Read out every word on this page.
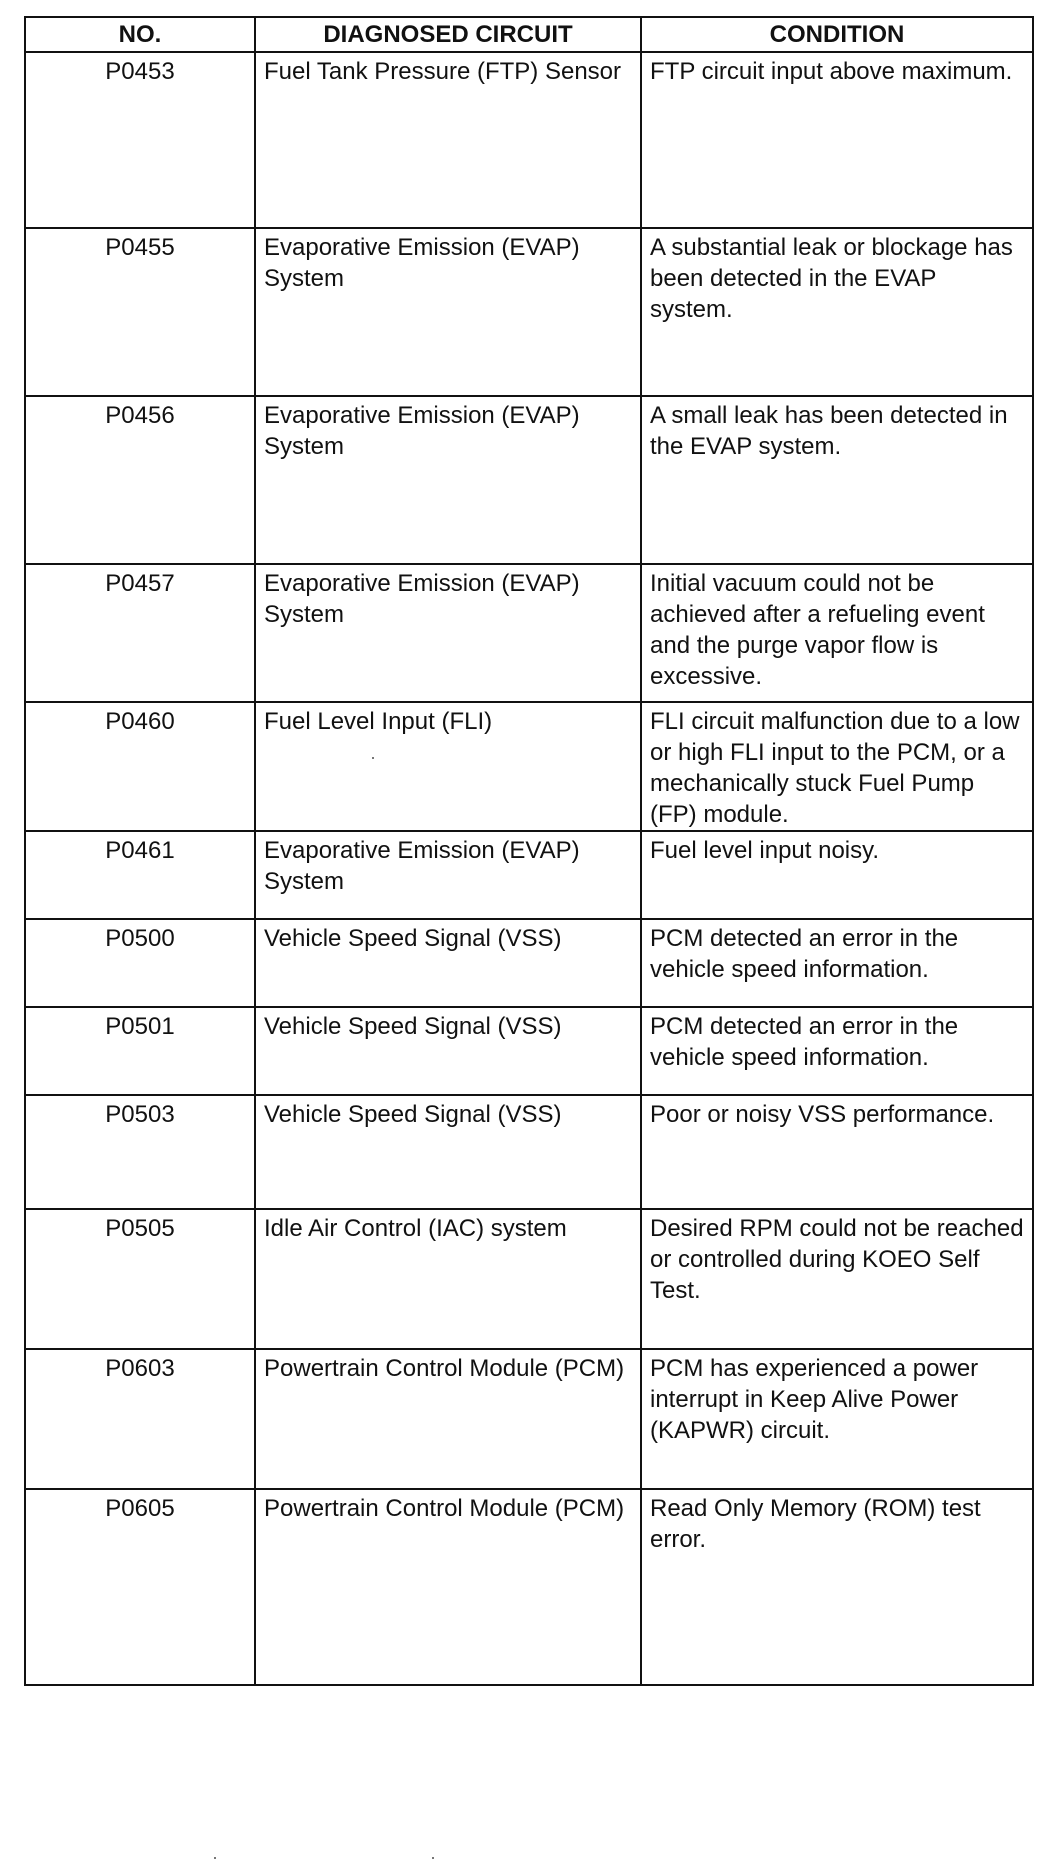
NO.	DIAGNOSED CIRCUIT	CONDITION
P0453	Fuel Tank Pressure (FTP) Sensor	FTP circuit input above maximum.
P0455	Evaporative Emission (EVAP) System	A substantial leak or blockage has been detected in the EVAP system.
P0456	Evaporative Emission (EVAP) System	A small leak has been detected in the EVAP system.
P0457	Evaporative Emission (EVAP) System	Initial vacuum could not be achieved after a refueling event and the purge vapor flow is excessive.
P0460	Fuel Level Input (FLI)	FLI circuit malfunction due to a low or high FLI input to the PCM, or a mechanically stuck Fuel Pump (FP) module.
P0461	Evaporative Emission (EVAP) System	Fuel level input noisy.
P0500	Vehicle Speed Signal (VSS)	PCM detected an error in the vehicle speed information.
P0501	Vehicle Speed Signal (VSS)	PCM detected an error in the vehicle speed information.
P0503	Vehicle Speed Signal (VSS)	Poor or noisy VSS performance.
P0505	Idle Air Control (IAC) system	Desired RPM could not be reached or controlled during KOEO Self Test.
P0603	Powertrain Control Module (PCM)	PCM has experienced a power interrupt in Keep Alive Power (KAPWR) circuit.
P0605	Powertrain Control Module (PCM)	Read Only Memory (ROM) test error.
